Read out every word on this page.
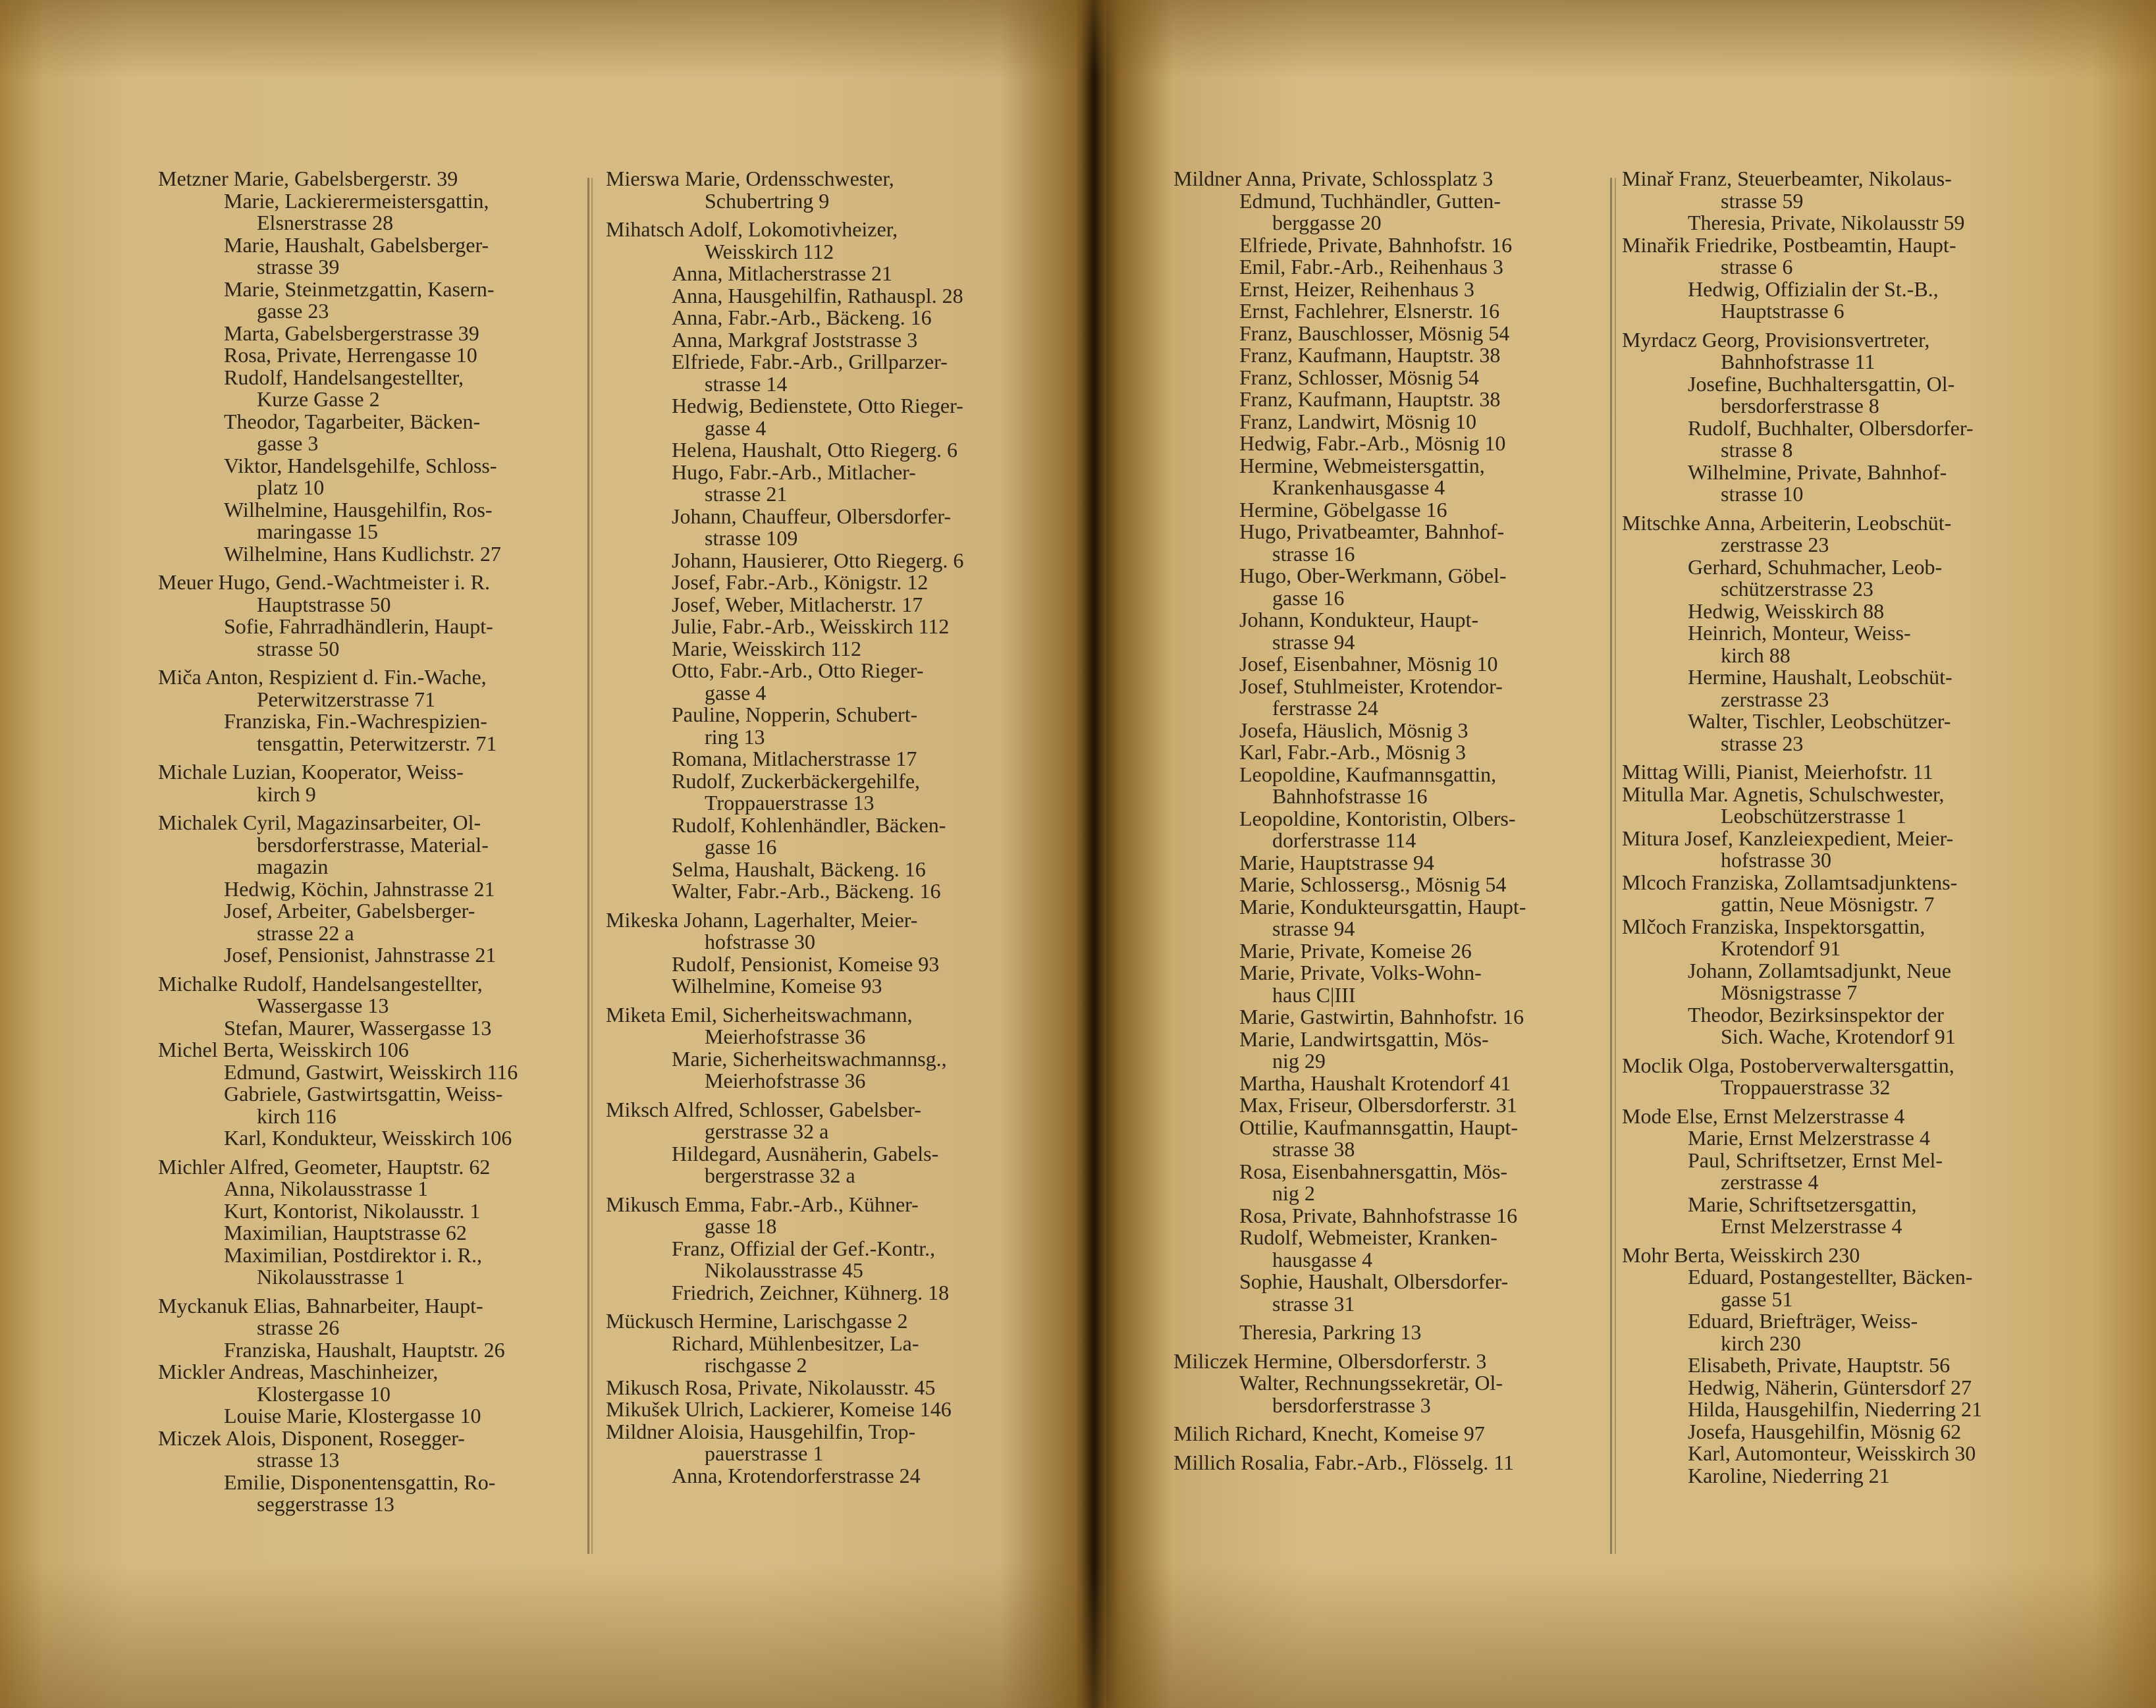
Metzner Marie, Gabelsbergerstr. 39
Marie, Lackierermeistersgattin,
Elsnerstrasse 28
Marie, Haushalt, Gabelsberger-
strasse 39
Marie, Steinmetzgattin, Kasern-
gasse 23
Marta, Gabelsbergerstrasse 39
Rosa, Private, Herrengasse 10
Rudolf, Handelsangestellter,
Kurze Gasse 2
Theodor, Tagarbeiter, Bäcken-
gasse 3
Viktor, Handelsgehilfe, Schloss-
platz 10
Wilhelmine, Hausgehilfin, Ros-
maringasse 15
Wilhelmine, Hans Kudlichstr. 27
Meuer Hugo, Gend.-Wachtmeister i. R.
Hauptstrasse 50
Sofie, Fahrradhändlerin, Haupt-
strasse 50
Miča Anton, Respizient d. Fin.-Wache,
Peterwitzerstrasse 71
Franziska, Fin.-Wachrespizien-
tensgattin, Peterwitzerstr. 71
Michale Luzian, Kooperator, Weiss-
kirch 9
Michalek Cyril, Magazinsarbeiter, Ol-
bersdorferstrasse, Material-
magazin
Hedwig, Köchin, Jahnstrasse 21
Josef, Arbeiter, Gabelsberger-
strasse 22 a
Josef, Pensionist, Jahnstrasse 21
Michalke Rudolf, Handelsangestellter,
Wassergasse 13
Stefan, Maurer, Wassergasse 13
Michel Berta, Weisskirch 106
Edmund, Gastwirt, Weisskirch 116
Gabriele, Gastwirtsgattin, Weiss-
kirch 116
Karl, Kondukteur, Weisskirch 106
Michler Alfred, Geometer, Hauptstr. 62
Anna, Nikolausstrasse 1
Kurt, Kontorist, Nikolausstr. 1
Maximilian, Hauptstrasse 62
Maximilian, Postdirektor i. R.,
Nikolausstrasse 1
Myckanuk Elias, Bahnarbeiter, Haupt-
strasse 26
Franziska, Haushalt, Hauptstr. 26
Mickler Andreas, Maschinheizer,
Klostergasse 10
Louise Marie, Klostergasse 10
Miczek Alois, Disponent, Rosegger-
strasse 13
Emilie, Disponentensgattin, Ro-
seggerstrasse 13
Mierswa Marie, Ordensschwester,
Schubertring 9
Mihatsch Adolf, Lokomotivheizer,
Weisskirch 112
Anna, Mitlacherstrasse 21
Anna, Hausgehilfin, Rathauspl. 28
Anna, Fabr.-Arb., Bäckeng. 16
Anna, Markgraf Joststrasse 3
Elfriede, Fabr.-Arb., Grillparzer-
strasse 14
Hedwig, Bedienstete, Otto Rieger-
gasse 4
Helena, Haushalt, Otto Riegerg. 6
Hugo, Fabr.-Arb., Mitlacher-
strasse 21
Johann, Chauffeur, Olbersdorfer-
strasse 109
Johann, Hausierer, Otto Riegerg. 6
Josef, Fabr.-Arb., Königstr. 12
Josef, Weber, Mitlacherstr. 17
Julie, Fabr.-Arb., Weisskirch 112
Marie, Weisskirch 112
Otto, Fabr.-Arb., Otto Rieger-
gasse 4
Pauline, Nopperin, Schubert-
ring 13
Romana, Mitlacherstrasse 17
Rudolf, Zuckerbäckergehilfe,
Troppauerstrasse 13
Rudolf, Kohlenhändler, Bäcken-
gasse 16
Selma, Haushalt, Bäckeng. 16
Walter, Fabr.-Arb., Bäckeng. 16
Mikeska Johann, Lagerhalter, Meier-
hofstrasse 30
Rudolf, Pensionist, Komeise 93
Wilhelmine, Komeise 93
Miketa Emil, Sicherheitswachmann,
Meierhofstrasse 36
Marie, Sicherheitswachmannsg.,
Meierhofstrasse 36
Miksch Alfred, Schlosser, Gabelsber-
gerstrasse 32 a
Hildegard, Ausnäherin, Gabels-
bergerstrasse 32 a
Mikusch Emma, Fabr.-Arb., Kühner-
gasse 18
Franz, Offizial der Gef.-Kontr.,
Nikolausstrasse 45
Friedrich, Zeichner, Kühnerg. 18
Mückusch Hermine, Larischgasse 2
Richard, Mühlenbesitzer, La-
rischgasse 2
Mikusch Rosa, Private, Nikolausstr. 45
Mikušek Ulrich, Lackierer, Komeise 146
Mildner Aloisia, Hausgehilfin, Trop-
pauerstrasse 1
Anna, Krotendorferstrasse 24
Mildner Anna, Private, Schlossplatz 3
Edmund, Tuchhändler, Gutten-
berggasse 20
Elfriede, Private, Bahnhofstr. 16
Emil, Fabr.-Arb., Reihenhaus 3
Ernst, Heizer, Reihenhaus 3
Ernst, Fachlehrer, Elsnerstr. 16
Franz, Bauschlosser, Mösnig 54
Franz, Kaufmann, Hauptstr. 38
Franz, Schlosser, Mösnig 54
Franz, Kaufmann, Hauptstr. 38
Franz, Landwirt, Mösnig 10
Hedwig, Fabr.-Arb., Mösnig 10
Hermine, Webmeistersgattin,
Krankenhausgasse 4
Hermine, Göbelgasse 16
Hugo, Privatbeamter, Bahnhof-
strasse 16
Hugo, Ober-Werkmann, Göbel-
gasse 16
Johann, Kondukteur, Haupt-
strasse 94
Josef, Eisenbahner, Mösnig 10
Josef, Stuhlmeister, Krotendor-
ferstrasse 24
Josefa, Häuslich, Mösnig 3
Karl, Fabr.-Arb., Mösnig 3
Leopoldine, Kaufmannsgattin,
Bahnhofstrasse 16
Leopoldine, Kontoristin, Olbers-
dorferstrasse 114
Marie, Hauptstrasse 94
Marie, Schlossersg., Mösnig 54
Marie, Kondukteursgattin, Haupt-
strasse 94
Marie, Private, Komeise 26
Marie, Private, Volks-Wohn-
haus C|III
Marie, Gastwirtin, Bahnhofstr. 16
Marie, Landwirtsgattin, Mös-
nig 29
Martha, Haushalt Krotendorf 41
Max, Friseur, Olbersdorferstr. 31
Ottilie, Kaufmannsgattin, Haupt-
strasse 38
Rosa, Eisenbahnersgattin, Mös-
nig 2
Rosa, Private, Bahnhofstrasse 16
Rudolf, Webmeister, Kranken-
hausgasse 4
Sophie, Haushalt, Olbersdorfer-
strasse 31
Theresia, Parkring 13
Miliczek Hermine, Olbersdorferstr. 3
Walter, Rechnungssekretär, Ol-
bersdorferstrasse 3
Milich Richard, Knecht, Komeise 97
Millich Rosalia, Fabr.-Arb., Flösselg. 11
Minař Franz, Steuerbeamter, Nikolaus-
strasse 59
Theresia, Private, Nikolausstr 59
Minařik Friedrike, Postbeamtin, Haupt-
strasse 6
Hedwig, Offizialin der St.-B.,
Hauptstrasse 6
Myrdacz Georg, Provisionsvertreter,
Bahnhofstrasse 11
Josefine, Buchhaltersgattin, Ol-
bersdorferstrasse 8
Rudolf, Buchhalter, Olbersdorfer-
strasse 8
Wilhelmine, Private, Bahnhof-
strasse 10
Mitschke Anna, Arbeiterin, Leobschüt-
zerstrasse 23
Gerhard, Schuhmacher, Leob-
schützerstrasse 23
Hedwig, Weisskirch 88
Heinrich, Monteur, Weiss-
kirch 88
Hermine, Haushalt, Leobschüt-
zerstrasse 23
Walter, Tischler, Leobschützer-
strasse 23
Mittag Willi, Pianist, Meierhofstr. 11
Mitulla Mar. Agnetis, Schulschwester,
Leobschützerstrasse 1
Mitura Josef, Kanzleiexpedient, Meier-
hofstrasse 30
Mlcoch Franziska, Zollamtsadjunktens-
gattin, Neue Mösnigstr. 7
Mlčoch Franziska, Inspektorsgattin,
Krotendorf 91
Johann, Zollamtsadjunkt, Neue
Mösnigstrasse 7
Theodor, Bezirksinspektor der
Sich. Wache, Krotendorf 91
Moclik Olga, Postoberverwaltersgattin,
Troppauerstrasse 32
Mode Else, Ernst Melzerstrasse 4
Marie, Ernst Melzerstrasse 4
Paul, Schriftsetzer, Ernst Mel-
zerstrasse 4
Marie, Schriftsetzersgattin,
Ernst Melzerstrasse 4
Mohr Berta, Weisskirch 230
Eduard, Postangestellter, Bäcken-
gasse 51
Eduard, Briefträger, Weiss-
kirch 230
Elisabeth, Private, Hauptstr. 56
Hedwig, Näherin, Güntersdorf 27
Hilda, Hausgehilfin, Niederring 21
Josefa, Hausgehilfin, Mösnig 62
Karl, Automonteur, Weisskirch 30
Karoline, Niederring 21
